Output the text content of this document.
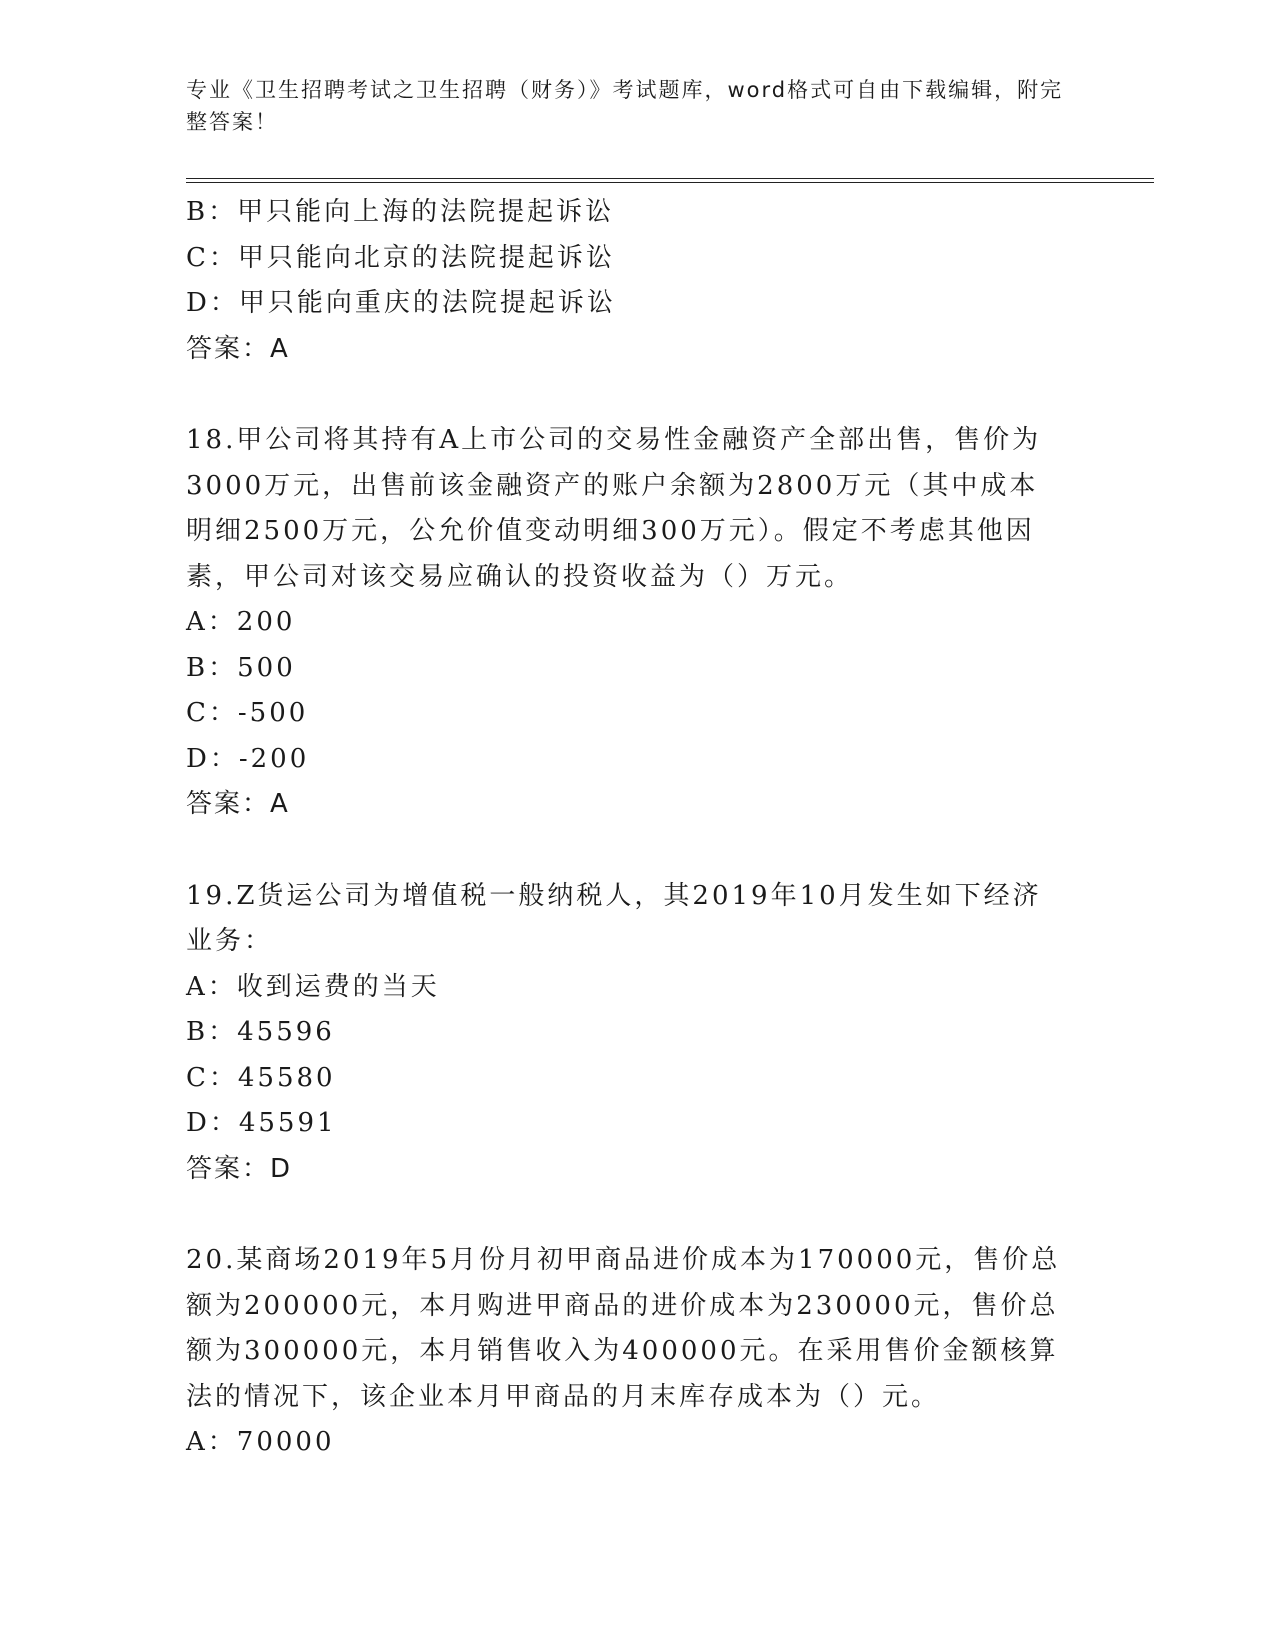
专业《卫生招聘考试之卫生招聘（财务）》考试题库，word格式可自由下载编辑，附完整答案！
B：甲只能向上海的法院提起诉讼
C：甲只能向北京的法院提起诉讼
D：甲只能向重庆的法院提起诉讼
答案：A
18.甲公司将其持有A上市公司的交易性金融资产全部出售，售价为3000万元，出售前该金融资产的账户余额为2800万元（其中成本明细2500万元，公允价值变动明细300万元）。假定不考虑其他因素，甲公司对该交易应确认的投资收益为（）万元。
A：200
B：500
C：-500
D：-200
答案：A
19.Z货运公司为增值税一般纳税人，其2019年10月发生如下经济业务：
A：收到运费的当天
B：45596
C：45580
D：45591
答案：D
20.某商场2019年5月份月初甲商品进价成本为170000元，售价总额为200000元，本月购进甲商品的进价成本为230000元，售价总额为300000元，本月销售收入为400000元。在采用售价金额核算法的情况下，该企业本月甲商品的月末库存成本为（）元。
A：70000
